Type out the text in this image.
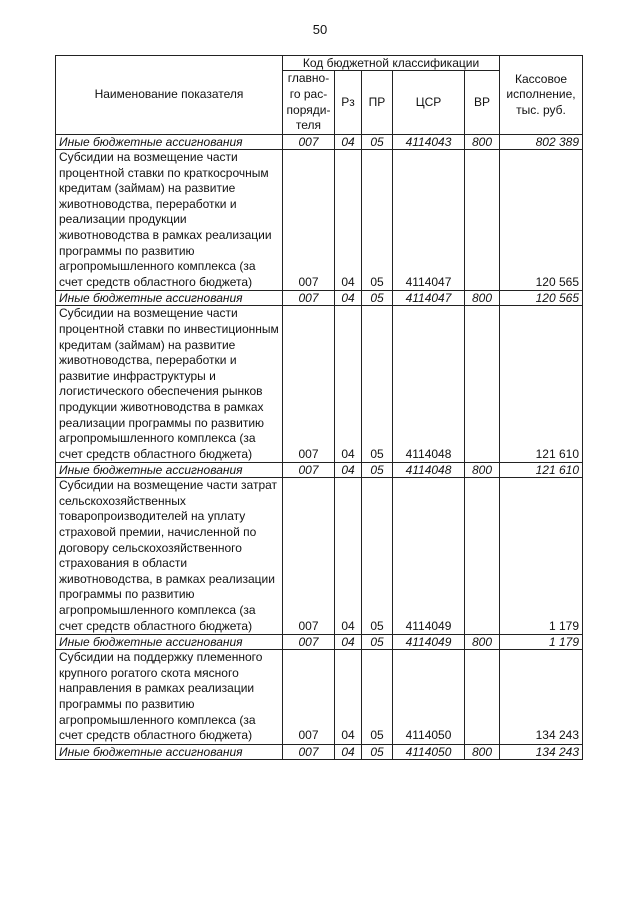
50
Наименование показателя	Код бюджетной классификации					Кассовое исполнение, тыс. руб.
	главно-го рас-поряди-теля	Рз	ПР	ЦСР	ВР	
Иные бюджетные ассигнования	007	04	05	4114043	800	802 389
Субсидии на возмещение части процентной ставки по краткосрочным кредитам (займам) на развитие животноводства, переработки и реализации продукции животноводства в рамках реализации программы по развитию агропромышленного комплекса (за счет средств областного бюджета)	007	04	05	4114047		120 565
Иные бюджетные ассигнования	007	04	05	4114047	800	120 565
Субсидии на возмещение части процентной ставки по инвестиционным кредитам (займам) на развитие животноводства, переработки и развитие инфраструктуры и логистического обеспечения рынков продукции животноводства в рамках реализации программы по развитию агропромышленного комплекса (за счет средств областного бюджета)	007	04	05	4114048		121 610
Иные бюджетные ассигнования	007	04	05	4114048	800	121 610
Субсидии на возмещение части затрат сельскохозяйственных товаропроизводителей на уплату страховой премии, начисленной по договору сельскохозяйственного страхования в области животноводства, в рамках реализации программы по развитию агропромышленного комплекса (за счет средств областного бюджета)	007	04	05	4114049		1 179
Иные бюджетные ассигнования	007	04	05	4114049	800	1 179
Субсидии на поддержку племенного крупного рогатого скота мясного направления в рамках реализации программы по развитию агропромышленного комплекса (за счет средств областного бюджета)	007	04	05	4114050		134 243
Иные бюджетные ассигнования	007	04	05	4114050	800	134 243
